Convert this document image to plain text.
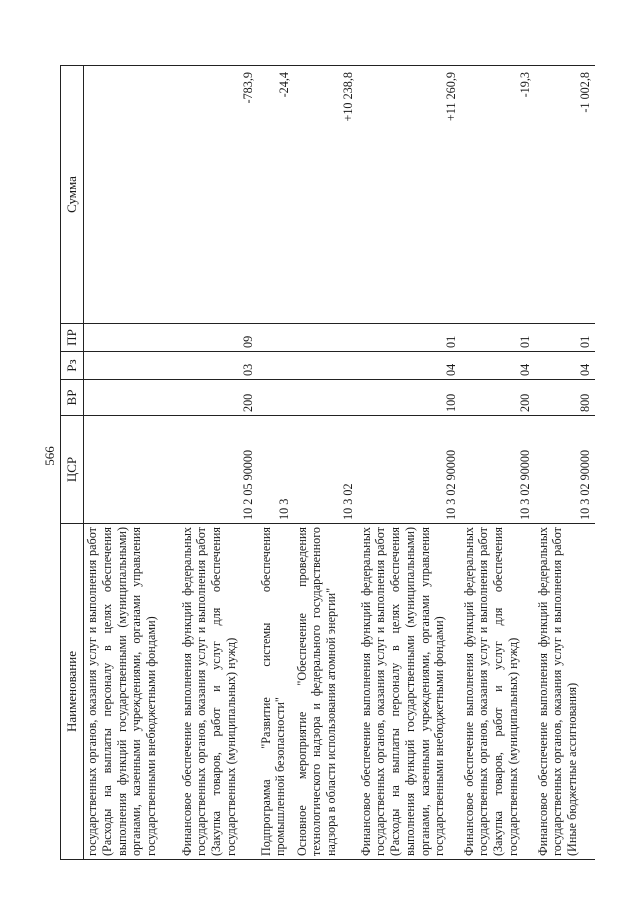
566
Наименование	ЦСР	ВР	Рз	ПР	Сумма
государственных органов, оказания услуг и выполнения работ (Расходы на выплаты персоналу в целях обеспечения выполнения функций государственными (муниципальными) органами, казенными учреждениями, органами управления государственными внебюджетными фондами)					
Финансовое обеспечение выполнения функций федеральных государственных органов, оказания услуг и выполнения работ (Закупка товаров, работ и услуг для обеспечения государственных (муниципальных) нужд)	10 2 05 90000	200	03	09	-783,9
Подпрограмма "Развитие системы обеспечения промышленной безопасности"	10 3				-24,4
Основное мероприятие "Обеспечение проведения технологического надзора и федерального государственного надзора в области использования атомной энергии"	10 3 02				+10 238,8
Финансовое обеспечение выполнения функций федеральных государственных органов, оказания услуг и выполнения работ (Расходы на выплаты персоналу в целях обеспечения выполнения функций государственными (муниципальными) органами, казенными учреждениями, органами управления государственными внебюджетными фондами)	10 3 02 90000	100	04	01	+11 260,9
Финансовое обеспечение выполнения функций федеральных государственных органов, оказания услуг и выполнения работ (Закупка товаров, работ и услуг для обеспечения государственных (муниципальных) нужд)	10 3 02 90000	200	04	01	-19,3
Финансовое обеспечение выполнения функций федеральных государственных органов, оказания услуг и выполнения работ (Иные бюджетные ассигнования)	10 3 02 90000	800	04	01	-1 002,8
